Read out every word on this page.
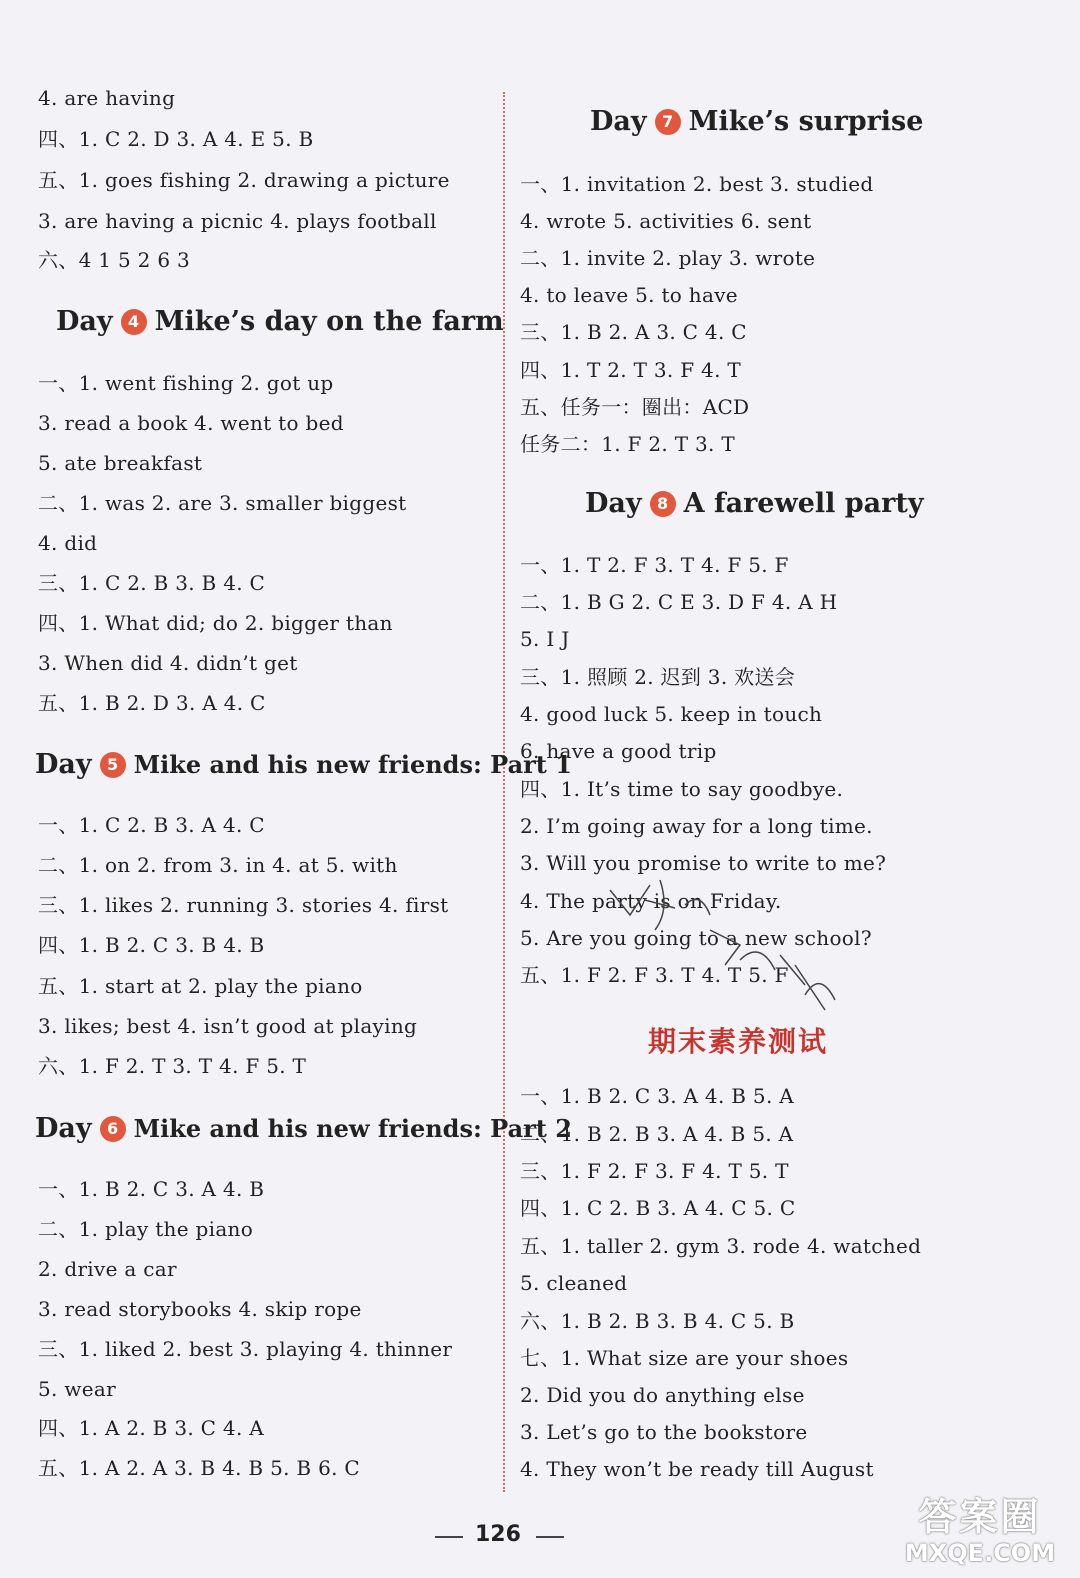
4. are having
四、1. C 2. D 3. A 4. E 5. B
五、1. goes fishing 2. drawing a picture
3. are having a picnic 4. plays football
六、4 1 5 2 6 3
Day 4 Mike’s day on the farm
一、1. went fishing 2. got up
3. read a book 4. went to bed
5. ate breakfast
二、1. was 2. are 3. smaller biggest
4. did
三、1. C 2. B 3. B 4. C
四、1. What did; do 2. bigger than
3. When did 4. didn’t get
五、1. B 2. D 3. A 4. C
Day 5 Mike and his new friends: Part 1
一、1. C 2. B 3. A 4. C
二、1. on 2. from 3. in 4. at 5. with
三、1. likes 2. running 3. stories 4. first
四、1. B 2. C 3. B 4. B
五、1. start at 2. play the piano
3. likes; best 4. isn’t good at playing
六、1. F 2. T 3. T 4. F 5. T
Day 6 Mike and his new friends: Part 2
一、1. B 2. C 3. A 4. B
二、1. play the piano
2. drive a car
3. read storybooks 4. skip rope
三、1. liked 2. best 3. playing 4. thinner
5. wear
四、1. A 2. B 3. C 4. A
五、1. A 2. A 3. B 4. B 5. B 6. C
Day 7 Mike’s surprise
一、1. invitation 2. best 3. studied
4. wrote 5. activities 6. sent
二、1. invite 2. play 3. wrote
4. to leave 5. to have
三、1. B 2. A 3. C 4. C
四、1. T 2. T 3. F 4. T
五、任务一：圈出：ACD
任务二：1. F 2. T 3. T
Day 8 A farewell party
一、1. T 2. F 3. T 4. F 5. F
二、1. B G 2. C E 3. D F 4. A H
5. I J
三、1. 照顾 2. 迟到 3. 欢送会
4. good luck 5. keep in touch
6. have a good trip
四、1. It’s time to say goodbye.
2. I’m going away for a long time.
3. Will you promise to write to me?
4. The party is on Friday.
5. Are you going to a new school?
五、1. F 2. F 3. T 4. T 5. F
期末素养测试
一、1. B 2. C 3. A 4. B 5. A
二、1. B 2. B 3. A 4. B 5. A
三、1. F 2. F 3. F 4. T 5. T
四、1. C 2. B 3. A 4. C 5. C
五、1. taller 2. gym 3. rode 4. watched
5. cleaned
六、1. B 2. B 3. B 4. C 5. B
七、1. What size are your shoes
2. Did you do anything else
3. Let’s go to the bookstore
4. They won’t be ready till August
126	答案圈
MXQE.COM
